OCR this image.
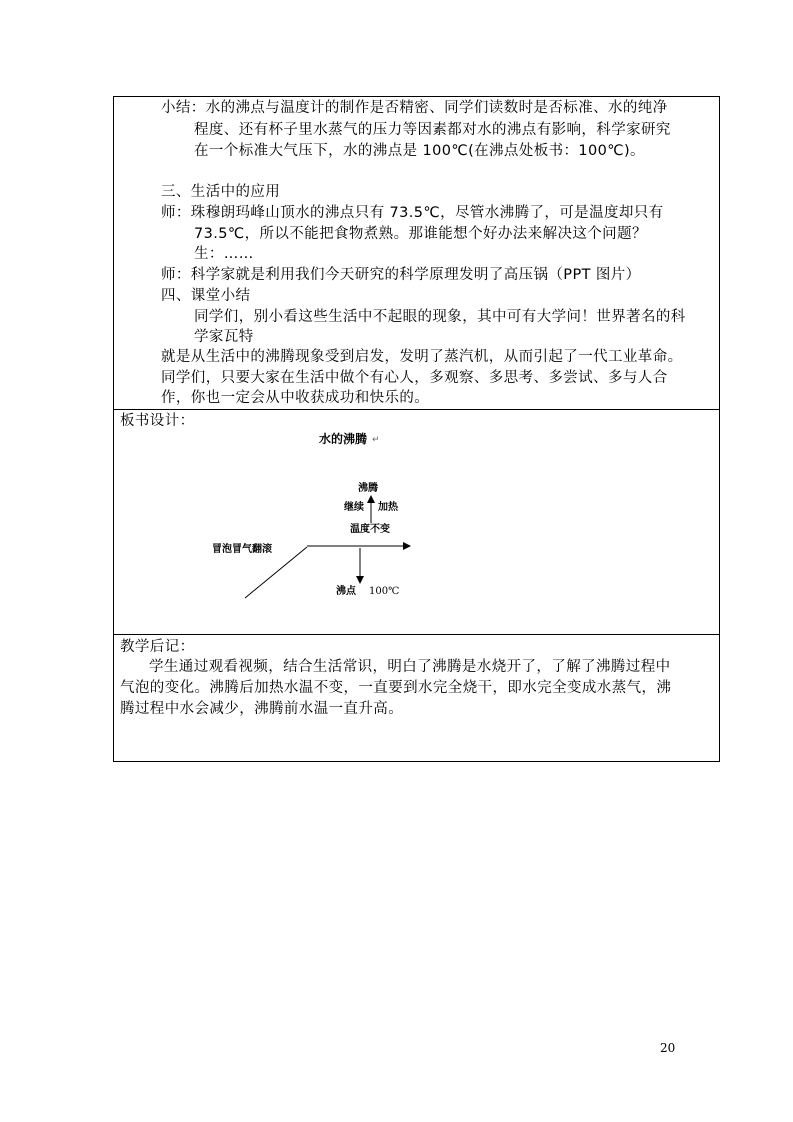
小结：水的沸点与温度计的制作是否精密、同学们读数时是否标准、水的纯净
程度、还有杯子里水蒸气的压力等因素都对水的沸点有影响，科学家研究
在一个标准大气压下，水的沸点是 100℃(在沸点处板书：100℃)。
三、生活中的应用
师：珠穆朗玛峰山顶水的沸点只有 73.5℃，尽管水沸腾了，可是温度却只有
73.5℃，所以不能把食物煮熟。那谁能想个好办法来解决这个问题？
生：……
师：科学家就是利用我们今天研究的科学原理发明了高压锅（PPT 图片）
四、课堂小结
同学们，别小看这些生活中不起眼的现象，其中可有大学问！世界著名的科
学家瓦特
就是从生活中的沸腾现象受到启发，发明了蒸汽机，从而引起了一代工业革命。
同学们，只要大家在生活中做个有心人，多观察、多思考、多尝试、多与人合
作，你也一定会从中收获成功和快乐的。
板书设计：
水的沸腾 ↵
沸腾
继续 加热
温度不变
冒泡冒气翻滚
沸点 100℃
教学后记：
学生通过观看视频，结合生活常识，明白了沸腾是水烧开了，了解了沸腾过程中
气泡的变化。沸腾后加热水温不变，一直要到水完全烧干，即水完全变成水蒸气，沸
腾过程中水会减少，沸腾前水温一直升高。
20
